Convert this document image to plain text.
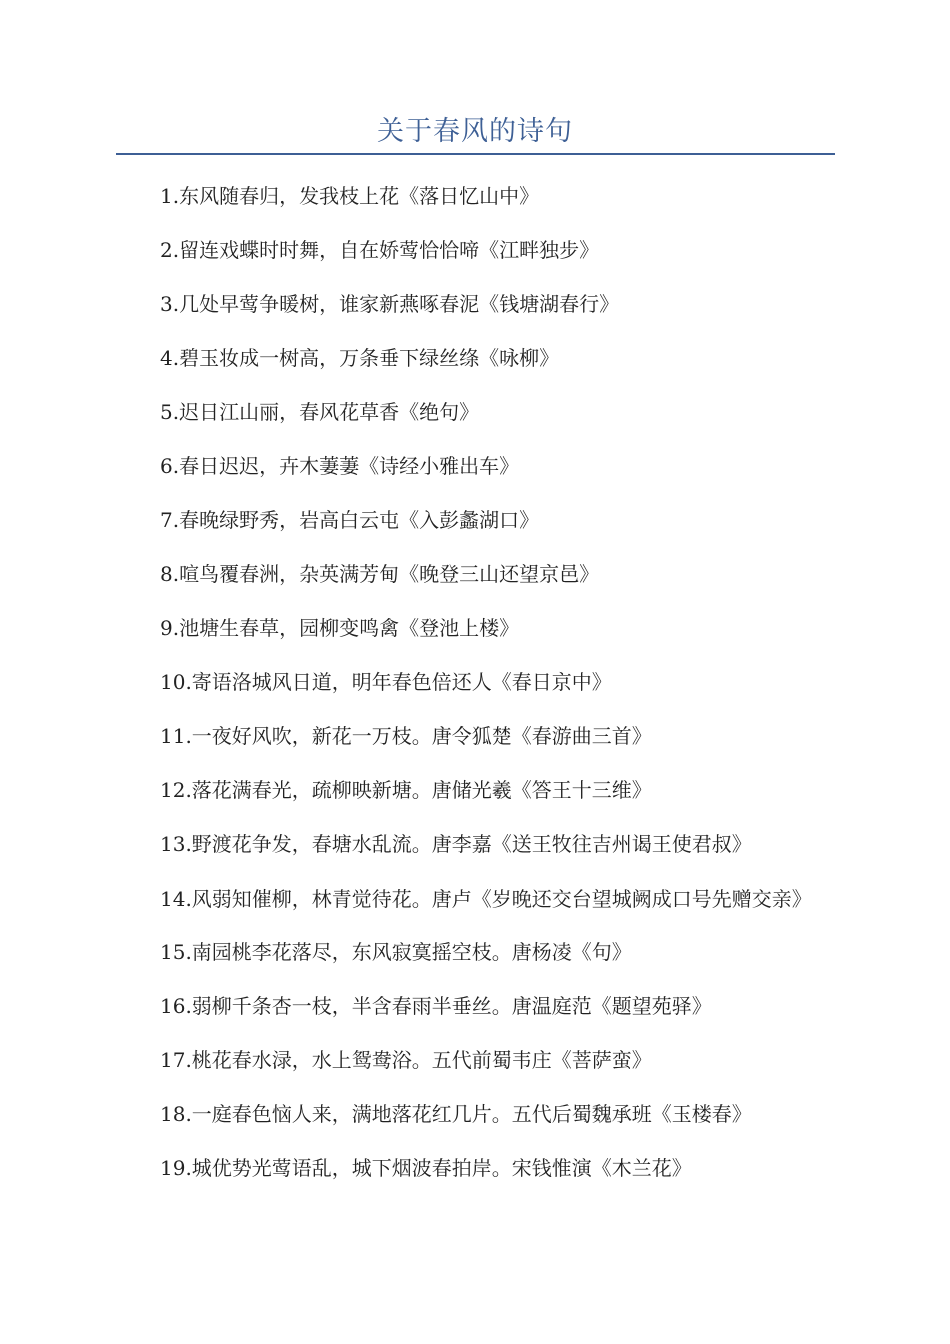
关于春风的诗句
1.东风随春归，发我枝上花《落日忆山中》
2.留连戏蝶时时舞，自在娇莺恰恰啼《江畔独步》
3.几处早莺争暖树，谁家新燕啄春泥《钱塘湖春行》
4.碧玉妆成一树高，万条垂下绿丝绦《咏柳》
5.迟日江山丽，春风花草香《绝句》
6.春日迟迟，卉木萋萋《诗经小雅出车》
7.春晚绿野秀，岩高白云屯《入彭蠡湖口》
8.喧鸟覆春洲，杂英满芳甸《晚登三山还望京邑》
9.池塘生春草，园柳变鸣禽《登池上楼》
10.寄语洛城风日道，明年春色倍还人《春日京中》
11.一夜好风吹，新花一万枝。唐令狐楚《春游曲三首》
12.落花满春光，疏柳映新塘。唐储光羲《答王十三维》
13.野渡花争发，春塘水乱流。唐李嘉《送王牧往吉州谒王使君叔》
14.风弱知催柳，林青觉待花。唐卢《岁晚还交台望城阙成口号先赠交亲》
15.南园桃李花落尽，东风寂寞摇空枝。唐杨凌《句》
16.弱柳千条杏一枝，半含春雨半垂丝。唐温庭范《题望苑驿》
17.桃花春水渌，水上鸳鸯浴。五代前蜀韦庄《菩萨蛮》
18.一庭春色恼人来，满地落花红几片。五代后蜀魏承班《玉楼春》
19.城优势光莺语乱，城下烟波春拍岸。宋钱惟演《木兰花》
